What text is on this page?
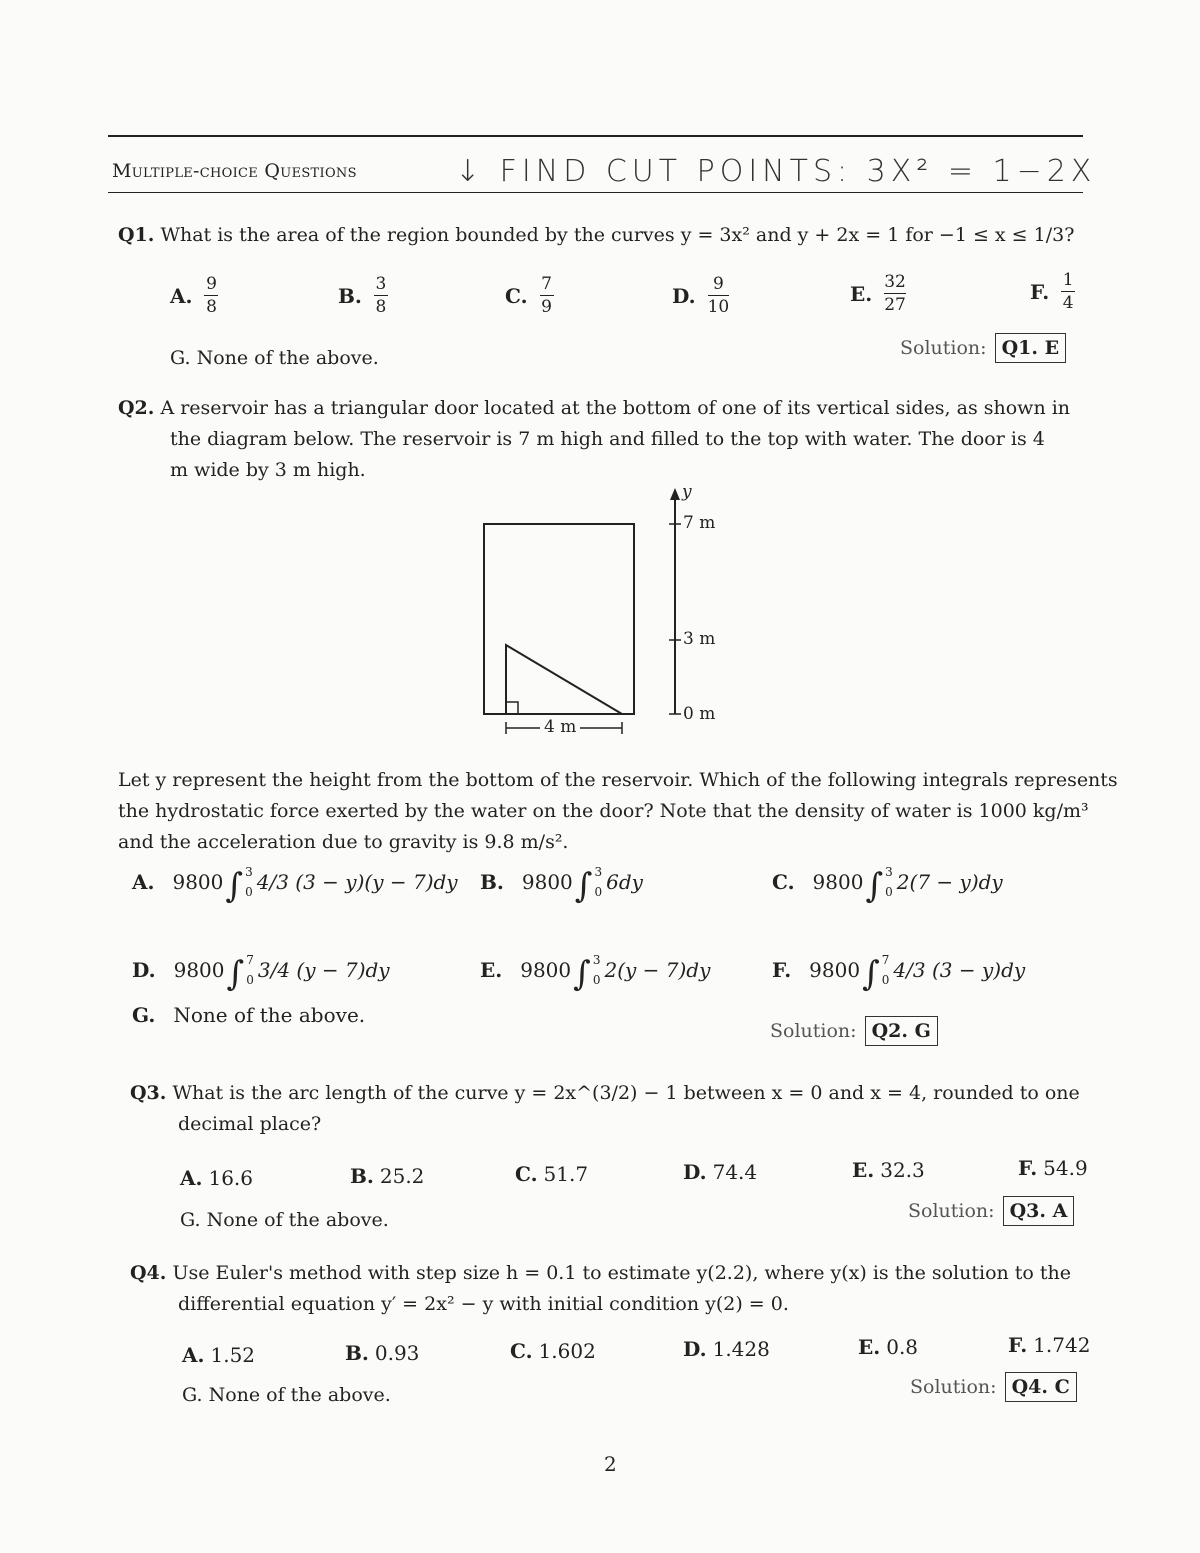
Multiple-choice Questions	↓ FIND CUT POINTS: 3X² = 1−2X
Q1. What is the area of the region bounded by the curves y = 3x² and y + 2x = 1 for −1 ≤ x ≤ 1/3?
A. $\frac{9}{8}$	B. $\frac{3}{8}$	C. $\frac{7}{9}$	D. $\frac{9}{10}$	E. $\frac{32}{27}$	F. $\frac{1}{4}$
G. None of the above.	Solution: Q1. E
Q2. A reservoir has a triangular door located at the bottom of one of its vertical sides, as shown in
the diagram below. The reservoir is 7 m high and filled to the top with water. The door is 4
m wide by 3 m high.
y
7 m
3 m
0 m
4 m
Let y represent the height from the bottom of the reservoir. Which of the following integrals represents
the hydrostatic force exerted by the water on the door? Note that the density of water is 1000 kg/m³
and the acceleration due to gravity is 9.8 m/s².
A. 9800 ∫ 3
0 4/3 (3 − y)(y − 7)dy B. 9800 ∫ 3
0 6dy	C. 9800 ∫ 3
0 2(7 − y)dy
D. 9800 ∫ 7
0 3/4 (y − 7)dy	E. 9800 ∫ 3
0 2(y − 7)dy	F. 9800 ∫ 7
0 4/3 (3 − y)dy
G. None of the above.
Solution: Q2. G
Q3. What is the arc length of the curve y = 2x^(3/2) − 1 between x = 0 and x = 4, rounded to one
decimal place?
A. 16.6	B. 25.2	C. 51.7	D. 74.4	E. 32.3	F. 54.9
G. None of the above.	Solution: Q3. A
Q4. Use Euler's method with step size h = 0.1 to estimate y(2.2), where y(x) is the solution to the
differential equation y′ = 2x² − y with initial condition y(2) = 0.
A. 1.52	B. 0.93	C. 1.602	D. 1.428	E. 0.8	F. 1.742
G. None of the above.	Solution: Q4. C
2
